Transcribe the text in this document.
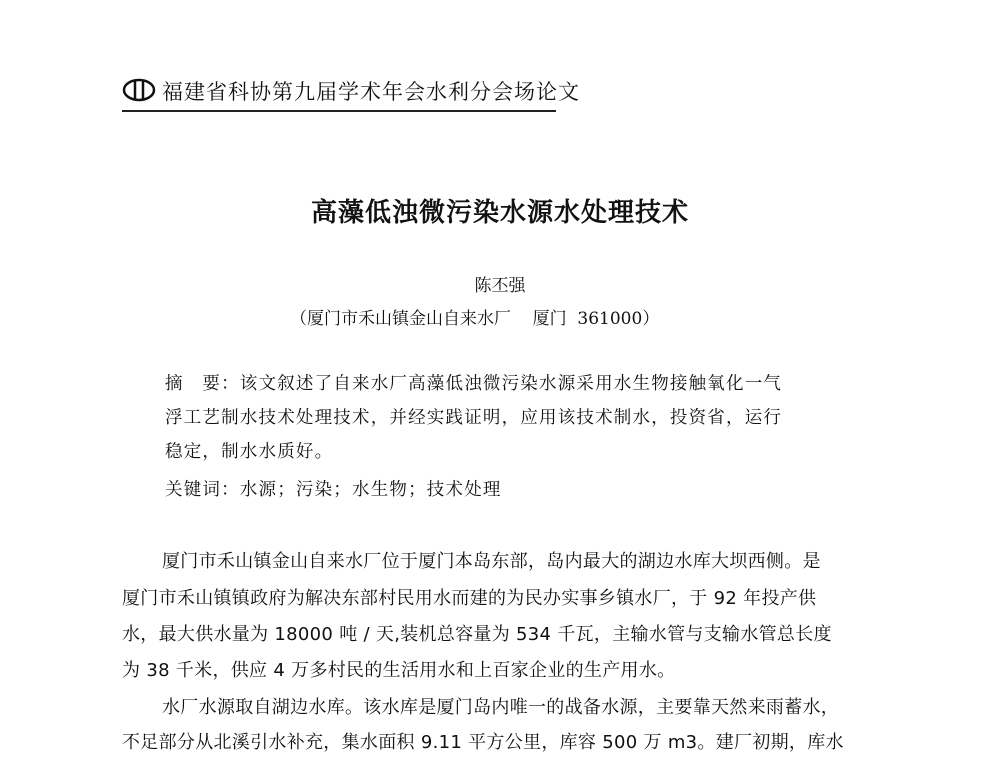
福建省科协第九届学术年会水利分会场论文
高藻低浊微污染水源水处理技术
陈丕强
（厦门市禾山镇金山自来水厂    厦门  361000）
摘　要：该文叙述了自来水厂高藻低浊微污染水源采用水生物接触氧化一气
浮工艺制水技术处理技术，并经实践证明，应用该技术制水，投资省，运行
稳定，制水水质好。
关键词：水源；污染；水生物；技术处理
厦门市禾山镇金山自来水厂位于厦门本岛东部，岛内最大的湖边水库大坝西侧。是
厦门市禾山镇镇政府为解决东部村民用水而建的为民办实事乡镇水厂，于 92 年投产供
水，最大供水量为 18000 吨 / 天,装机总容量为 534 千瓦，主输水管与支输水管总长度
为 38 千米，供应 4 万多村民的生活用水和上百家企业的生产用水。
水厂水源取自湖边水库。该水库是厦门岛内唯一的战备水源，主要靠天然来雨蓄水，
不足部分从北溪引水补充，集水面积 9.11 平方公里，库容 500 万 m3。建厂初期，库水
